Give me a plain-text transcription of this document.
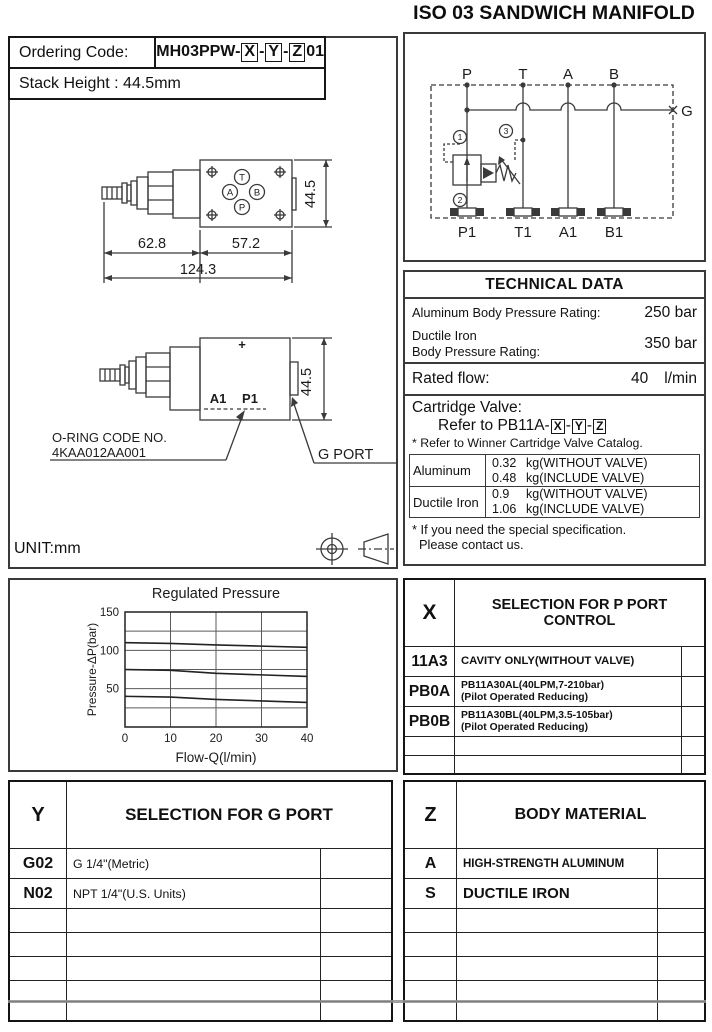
ISO 03 SANDWICH MANIFOLD
Ordering Code:	MH03PPW- X - Y - Z 01
Stack Height : 44.5mm
T
A B
P
62.8	57.2
124.3
44.5
+
A1 P1
44.5
O-RING CODE NO.
4KAA012AA001	G PORT
UNIT:mm
P	T A B
G
P1	T1 A1 B1
1
2
3
TECHNICAL DATA
Aluminum Body Pressure Rating:	250 bar
Ductile Iron
Body Pressure Rating:	350 bar
Rated flow:	40 l/min
Cartridge Valve:
Refer to PB11A- X - Y - Z
* Refer to Winner Cartridge Valve Catalog.
Aluminum
0.32 kg(WITHOUT VALVE)
0.48 kg(INCLUDE VALVE)
Ductile Iron
0.9 kg(WITHOUT VALVE)
1.06 kg(INCLUDE VALVE)
* If you need the special specification.
Please contact us.
0	10	20	30	40
50
100
150
Regulated Pressure
Flow-Q(l/min)
Pressure-ΔP(bar)
X	SELECTION FOR P PORT CONTROL
11A3	CAVITY ONLY(WITHOUT VALVE)
PB0A	PB11A30AL(40LPM,7-210bar)
(Pilot Operated Reducing)
PB0B	PB11A30BL(40LPM,3.5-105bar)
(Pilot Operated Reducing)
Y	SELECTION FOR G PORT
G02	G 1/4"(Metric)
N02	NPT 1/4"(U.S. Units)
Z	BODY MATERIAL
A	HIGH-STRENGTH ALUMINUM
S	DUCTILE IRON
